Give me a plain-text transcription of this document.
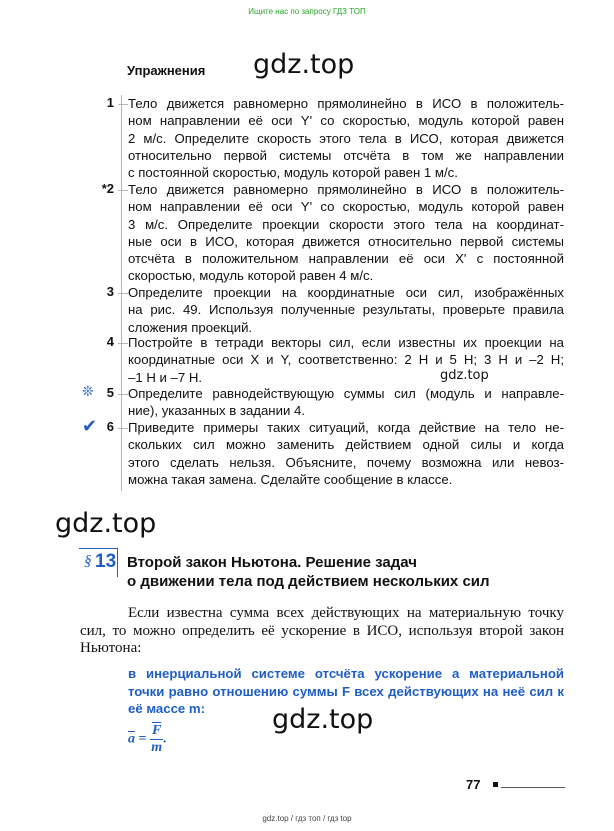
Ищите нас по запросу ГДЗ ТОП
gdz.top
gdz.top
gdz.top
gdz.top
Упражнения
1 Тело движется равномерно прямолинейно в ИСО в положитель-
ном направлении её оси Y' со скоростью, модуль которой равен
2 м/с. Определите скорость этого тела в ИСО, которая движется
относительно первой системы отсчёта в том же направлении
с постоянной скоростью, модуль которой равен 1 м/с.
*2 Тело движется равномерно прямолинейно в ИСО в положитель-
ном направлении её оси Y' со скоростью, модуль которой равен
3 м/с. Определите проекции скорости этого тела на координат-
ные оси в ИСО, которая движется относительно первой системы
отсчёта в положительном направлении её оси X' с постоянной
скоростью, модуль которой равен 4 м/с.
3 Определите проекции на координатные оси сил, изображённых
на рис. 49. Используя полученные результаты, проверьте правила сложения проекций.
4 Постройте в тетради векторы сил, если известны их проекции на
координатные оси X и Y, соответственно: 2 Н и 5 Н; 3 Н и –2 Н;
–1 Н и –7 Н.
❊	5 Определите равнодействующую суммы сил (модуль и направле-
ние), указанных в задании 4.
✔ 6 Приведите примеры таких ситуаций, когда действие на тело не-
скольких сил можно заменить действием одной силы и когда
этого сделать нельзя. Объясните, почему возможна или невоз-
можна такая замена. Сделайте сообщение в классе.
§ 13 Второй закон Ньютона. Решение задач
о движении тела под действием нескольких сил
Если известна сумма всех действующих на материальную точку сил, то можно определить её ускорение в ИСО, используя второй закон Ньютона:
в инерциальной системе отсчёта ускорение a материальной точки равно отношению суммы F всех действующих на неё сил к её массе m:
$\overline{a} = \frac{\overline{F}}{m}$ .
77
gdz.top / гдз топ / гдз top
